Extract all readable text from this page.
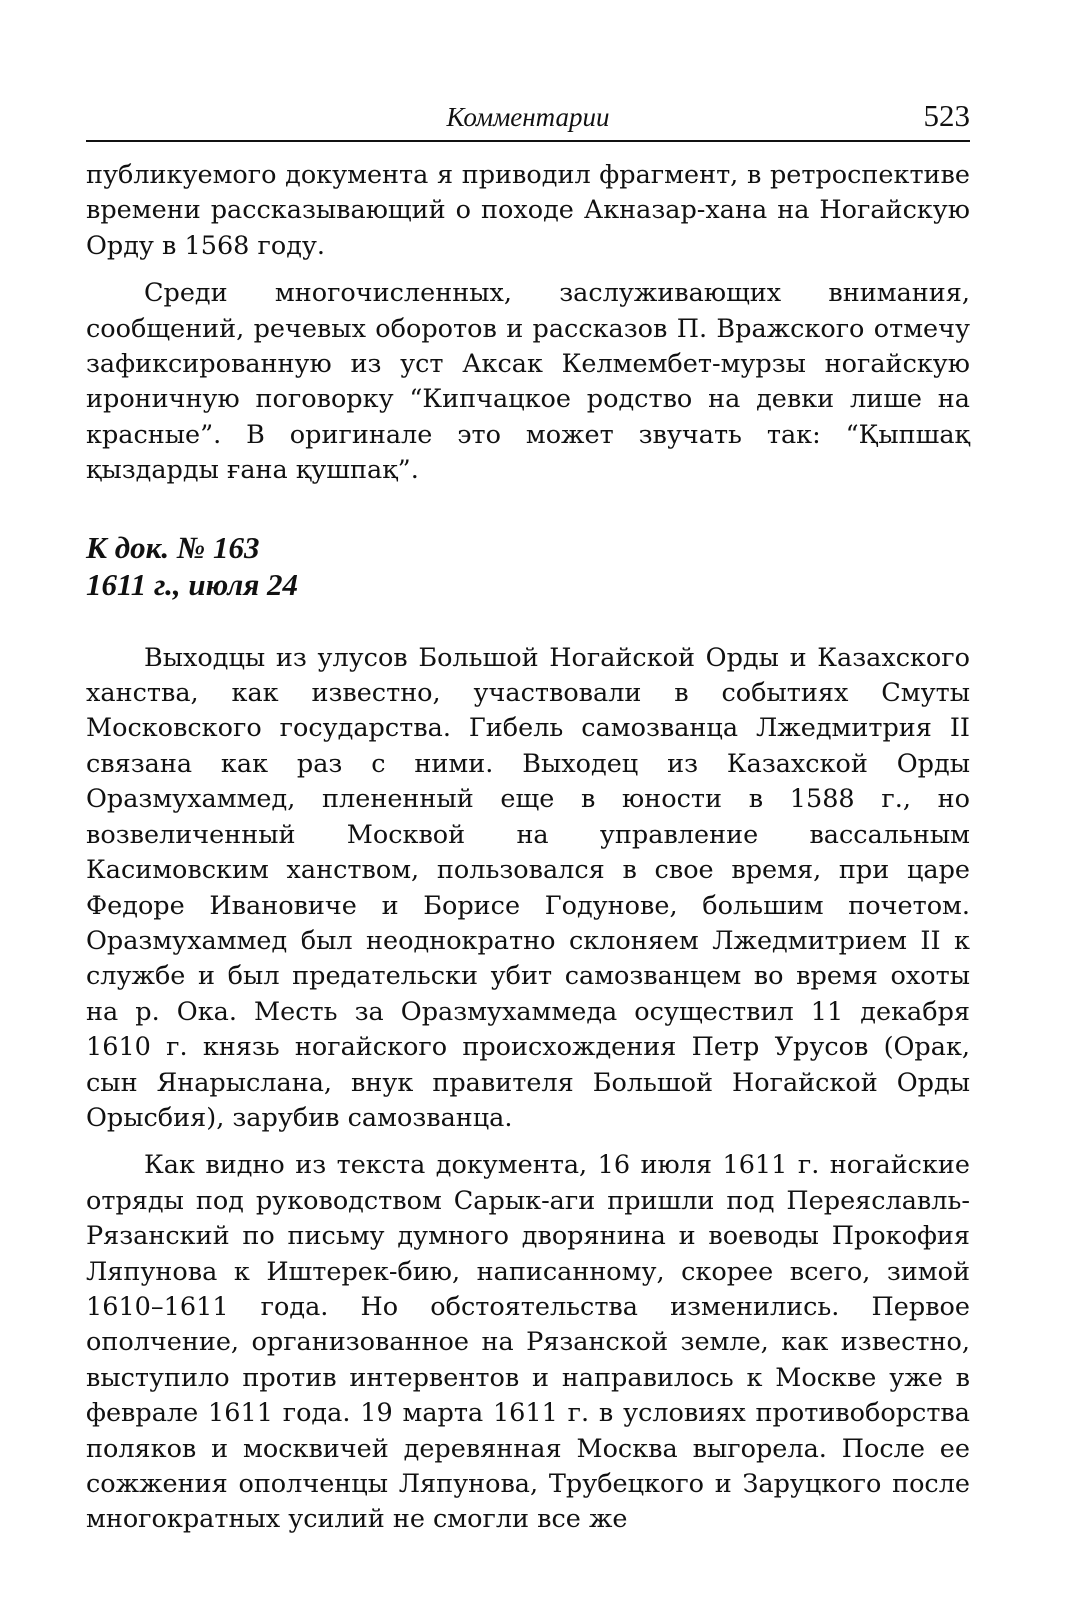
Комментарии	523

публикуемого документа я приводил фрагмент, в ретроспективе времени рассказывающий о походе Акназар-хана на Ногайскую Орду в 1568 году.

Среди многочисленных, заслуживающих внимания, сообщений, речевых оборотов и рассказов П. Вражского отмечу зафиксированную из уст Аксак Келмембет-мурзы ногайскую ироничную поговорку “Кипчацкое родство на девки лише на красные”. В оригинале это может звучать так: “Қыпшақ қыздарды ғана қушпақ”.

К док. № 163

1611 г., июля 24

Выходцы из улусов Большой Ногайской Орды и Казахского ханства, как известно, участвовали в событиях Смуты Московского государства. Гибель самозванца Лжедмитрия II связана как раз с ними. Выходец из Казахской Орды Оразмухаммед, плененный еще в юности в 1588 г., но возвеличенный Москвой на управление вассальным Касимовским ханством, пользовался в свое время, при царе Федоре Ивановиче и Борисе Годунове, большим почетом. Оразмухаммед был неоднократно склоняем Лжедмитрием II к службе и был предательски убит самозванцем во время охоты на р. Ока. Месть за Оразмухаммеда осуществил 11 декабря 1610 г. князь ногайского происхождения Петр Урусов (Орак, сын Янарыслана, внук правителя Большой Ногайской Орды Орысбия), зарубив самозванца.

Как видно из текста документа, 16 июля 1611 г. ногайские отряды под руководством Сарык-аги пришли под Переяславль-Рязанский по письму думного дворянина и воеводы Прокофия Ляпунова к Иштерек-бию, написанному, скорее всего, зимой 1610–1611 года. Но обстоятельства изменились. Первое ополчение, организованное на Рязанской земле, как известно, выступило против интервентов и направилось к Москве уже в феврале 1611 года. 19 марта 1611 г. в условиях противоборства поляков и москвичей деревянная Москва выгорела. После ее сожжения ополченцы Ляпунова, Трубецкого и Заруцкого после многократных усилий не смогли все же
